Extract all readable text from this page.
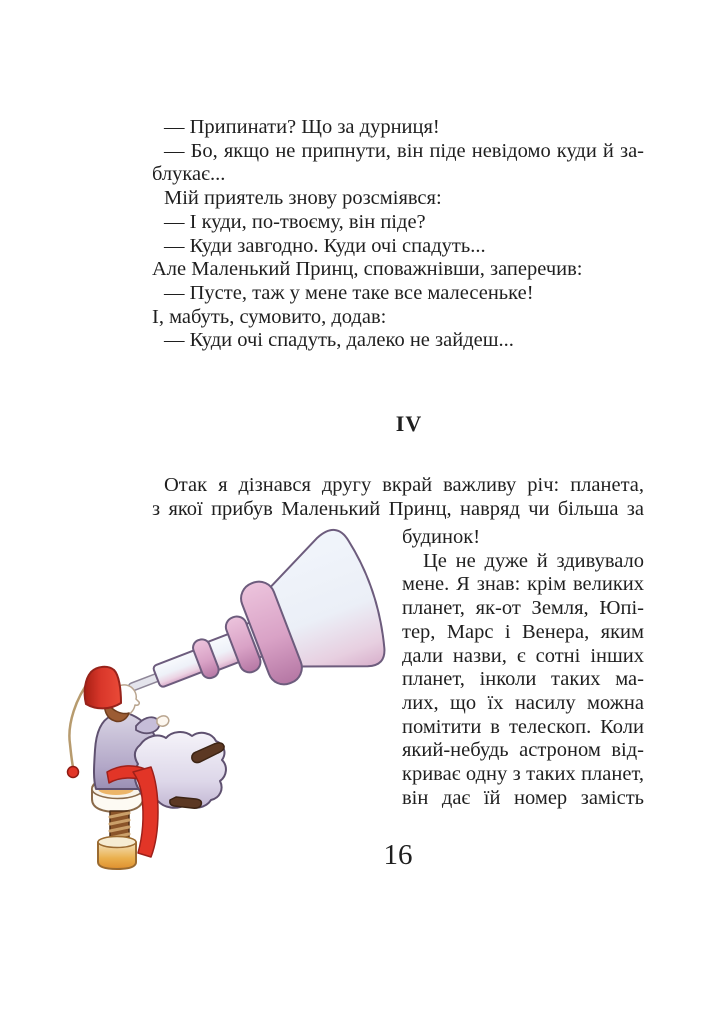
— Припинати? Що за дурниця!
— Бо, якщо не припнути, він піде невідомо куди й за-
блукає...
Мій приятель знову розсміявся:
— І куди, по-твоєму, він піде?
— Куди завгодно. Куди очі спадуть...
Але Маленький Принц, споважнівши, заперечив:
— Пусте, таж у мене таке все малесеньке!
І, мабуть, сумовито, додав:
— Куди очі спадуть, далеко не зайдеш...
IV
Отак я дізнався другу вкрай важливу річ: планета,
з якої прибув Маленький Принц, навряд чи більша за
будинок!
Це не дуже й здивувало
мене. Я знав: крім великих
планет, як-от Земля, Юпі-
тер, Марс і Венера, яким
дали назви, є сотні інших
планет, інколи таких ма-
лих, що їх насилу можна
помітити в телескоп. Коли
який-небудь астроном від-
криває одну з таких планет,
він дає їй номер замість
16
